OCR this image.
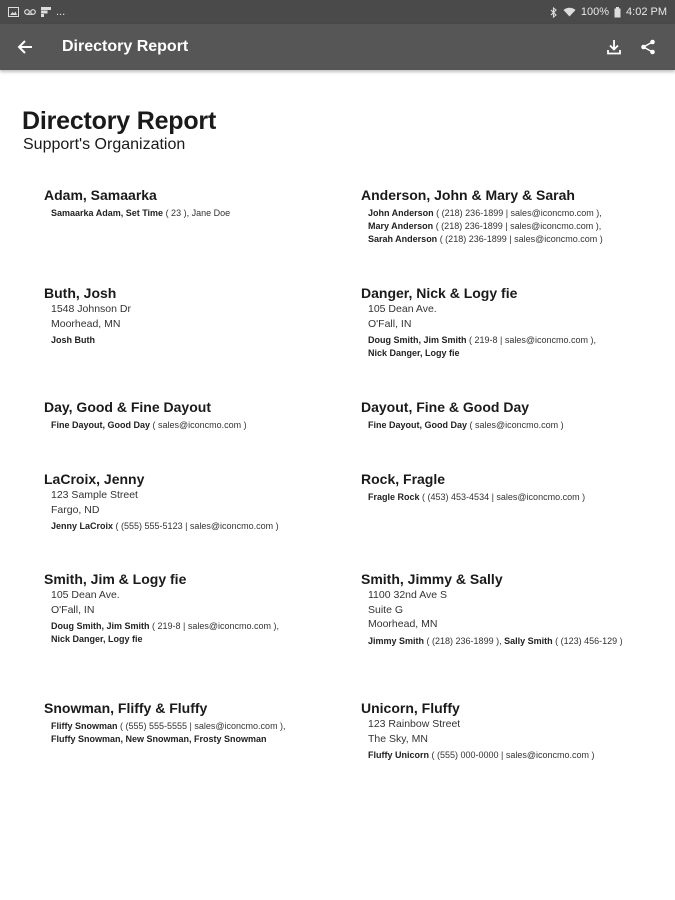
...	100% 4:02 PM
Directory Report
Directory Report
Support's Organization
Adam, Samaarka
Samaarka Adam, Set Time ( 23 ), Jane Doe
Anderson, John & Mary & Sarah
John Anderson ( (218) 236-1899 | sales@iconcmo.com ),
Mary Anderson ( (218) 236-1899 | sales@iconcmo.com ),
Sarah Anderson ( (218) 236-1899 | sales@iconcmo.com )
Buth, Josh
1548 Johnson Dr
Moorhead, MN
Josh Buth
Danger, Nick & Logy fie
105 Dean Ave.
O'Fall, IN
Doug Smith, Jim Smith ( 219-8 | sales@iconcmo.com ),
Nick Danger, Logy fie
Day, Good & Fine Dayout
Fine Dayout, Good Day ( sales@iconcmo.com )
Dayout, Fine & Good Day
Fine Dayout, Good Day ( sales@iconcmo.com )
LaCroix, Jenny
123 Sample Street
Fargo, ND
Jenny LaCroix ( (555) 555-5123 | sales@iconcmo.com )
Rock, Fragle
Fragle Rock ( (453) 453-4534 | sales@iconcmo.com )
Smith, Jim & Logy fie
105 Dean Ave.
O'Fall, IN
Doug Smith, Jim Smith ( 219-8 | sales@iconcmo.com ),
Nick Danger, Logy fie
Smith, Jimmy & Sally
1100 32nd Ave S
Suite G
Moorhead, MN
Jimmy Smith ( (218) 236-1899 ), Sally Smith ( (123) 456-129 )
Snowman, Fliffy & Fluffy
Fliffy Snowman ( (555) 555-5555 | sales@iconcmo.com ),
Fluffy Snowman, New Snowman, Frosty Snowman
Unicorn, Fluffy
123 Rainbow Street
The Sky, MN
Fluffy Unicorn ( (555) 000-0000 | sales@iconcmo.com )
